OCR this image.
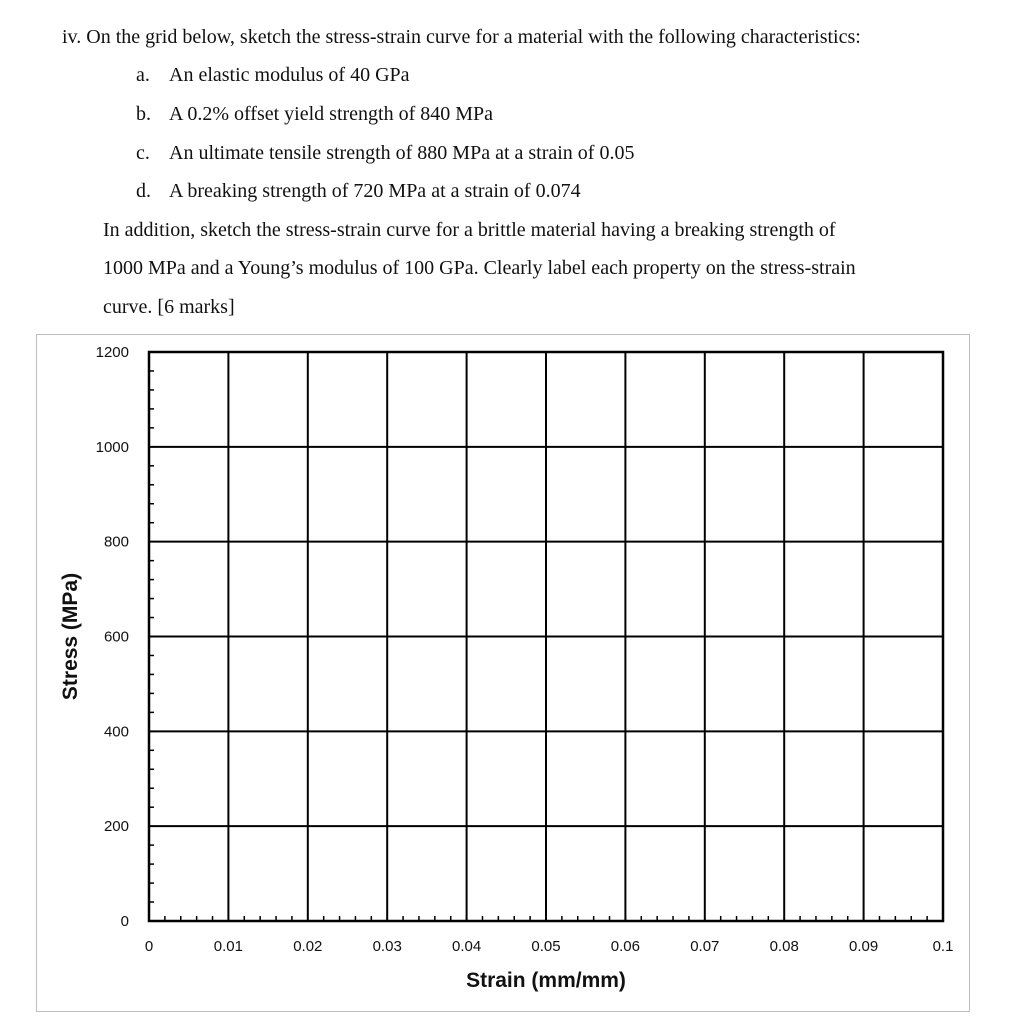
iv. On the grid below, sketch the stress-strain curve for a material with the following characteristics:
a. An elastic modulus of 40 GPa
b. A 0.2% offset yield strength of 840 MPa
c. An ultimate tensile strength of 880 MPa at a strain of 0.05
d. A breaking strength of 720 MPa at a strain of 0.074
In addition, sketch the stress-strain curve for a brittle material having a breaking strength of
1000 MPa and a Young’s modulus of 100 GPa. Clearly label each property on the stress-strain
curve. [6 marks]
0	0.01	0.02	0.03	0.04	0.05	0.06	0.07	0.08	0.09	0.1
0
200
400
600
800
1000
1200
Strain (mm/mm)
Stress (MPa)
